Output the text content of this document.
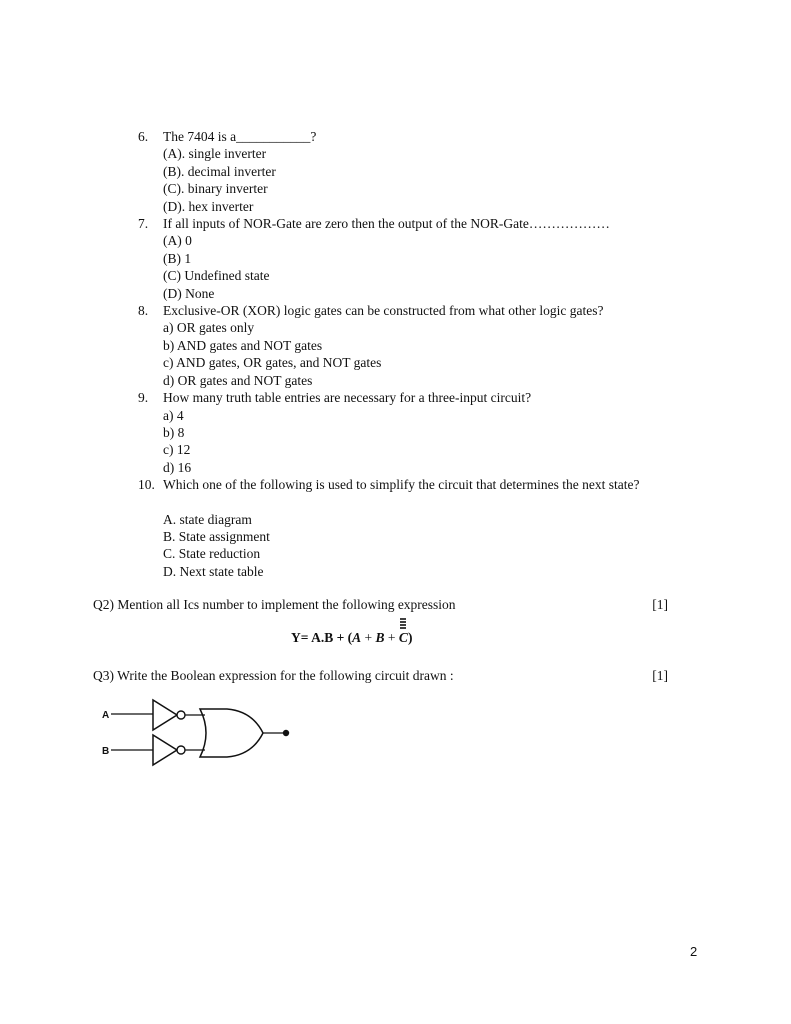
6.	The 7404 is a___________?
(A). single inverter
(B). decimal inverter
(C). binary inverter
(D). hex inverter
7.	If all inputs of NOR-Gate are zero then the output of the NOR-Gate………………
(A) 0
(B) 1
(C) Undefined state
(D) None
8.	Exclusive-OR (XOR) logic gates can be constructed from what other logic gates?
a) OR gates only
b) AND gates and NOT gates
c) AND gates, OR gates, and NOT gates
d) OR gates and NOT gates
9.	How many truth table entries are necessary for a three-input circuit?
a) 4
b) 8
c) 12
d) 16
10. Which one of the following is used to simplify the circuit that determines the next state?
A. state diagram
B. State assignment
C. State reduction
D. Next state table
Q2) Mention all Ics number to implement the following expression	[1]
Y= A.B + (A + B +
C)
Q3) Write the Boolean expression for the following circuit drawn :	[1]
A
B
2
